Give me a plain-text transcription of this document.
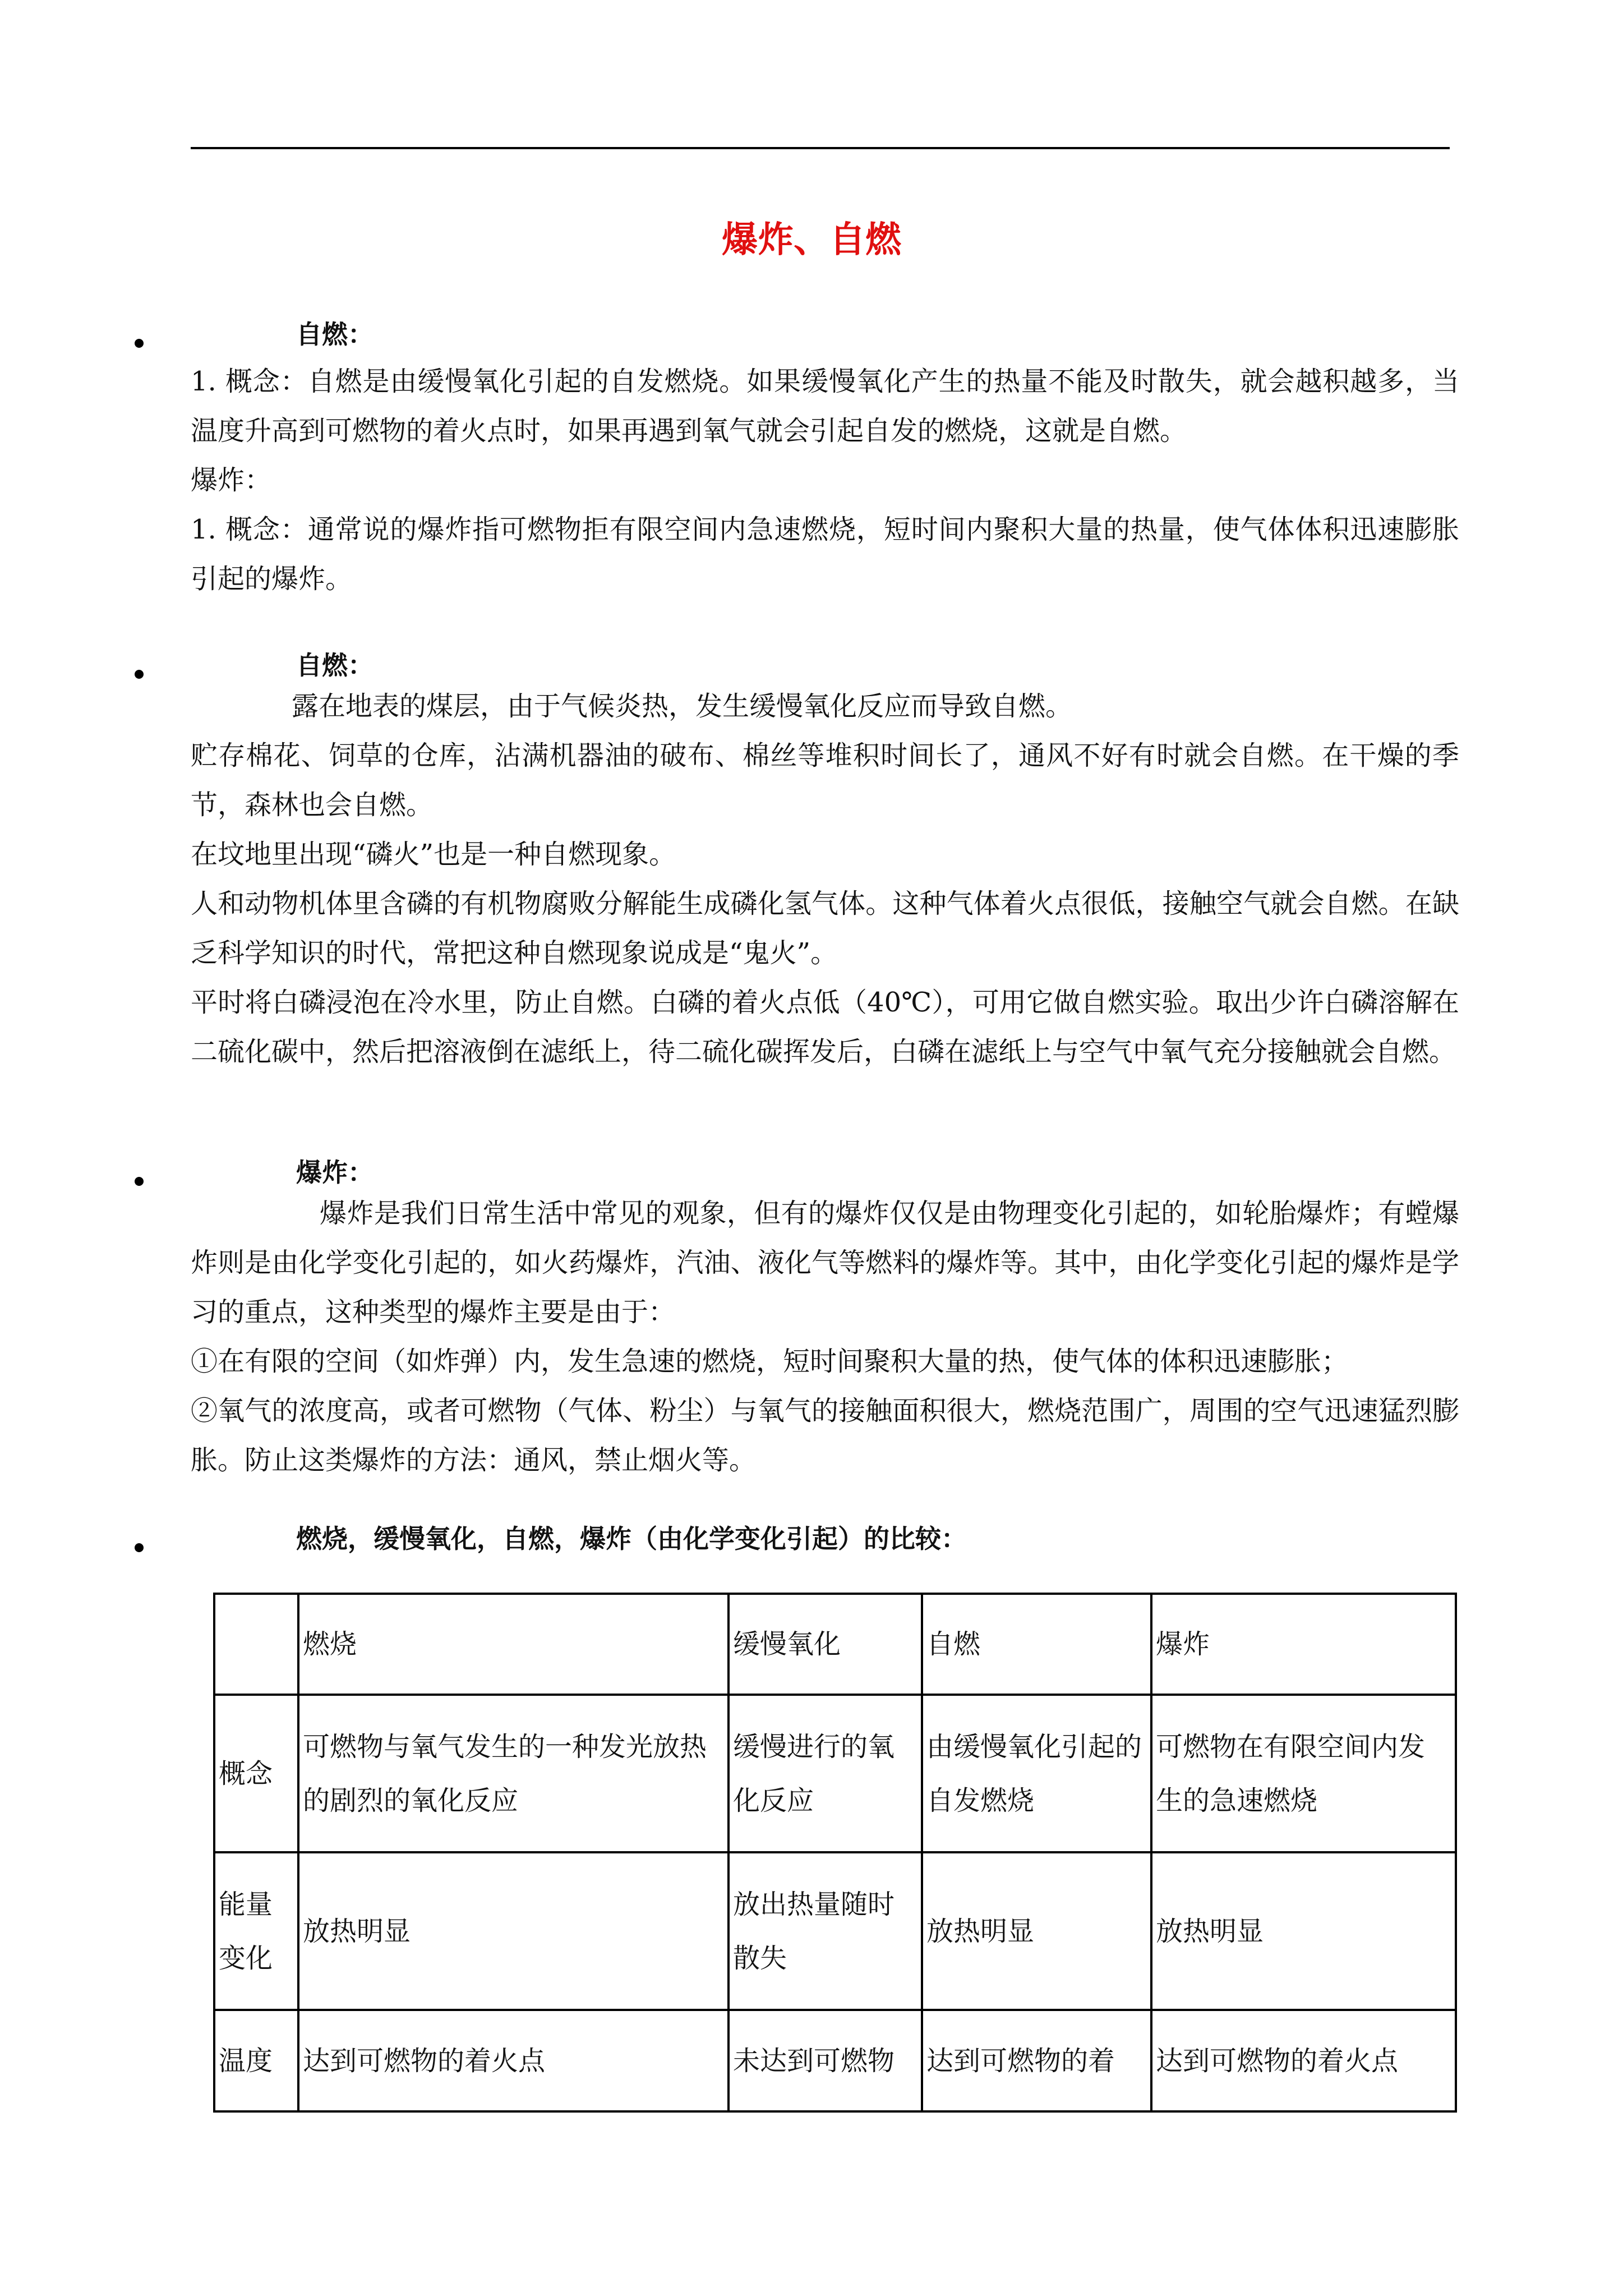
爆炸、自燃
自燃：

1. 概念：自燃是由缓慢氧化引起的自发燃烧。如果缓慢氧化产生的热量不能及时散失，就会越积越多，当温度升高到可燃物的着火点时，如果再遇到氧气就会引起自发的燃烧，这就是自燃。

爆炸：

1. 概念：通常说的爆炸指可燃物拒有限空间内急速燃烧，短时间内聚积大量的热量，使气体体积迅速膨胀引起的爆炸。

自燃：

露在地表的煤层，由于气候炎热，发生缓慢氧化反应而导致自燃。

贮存棉花、饲草的仓库，沾满机器油的破布、棉丝等堆积时间长了，通风不好有时就会自燃。在干燥的季节，森林也会自燃。

在坟地里出现“磷火”也是一种自燃现象。

人和动物机体里含磷的有机物腐败分解能生成磷化氢气体。这种气体着火点很低，接触空气就会自燃。在缺乏科学知识的时代，常把这种自燃现象说成是“鬼火”。

平时将白磷浸泡在冷水里，防止自燃。白磷的着火点低（40℃），可用它做自燃实验。取出少许白磷溶解在二硫化碳中，然后把溶液倒在滤纸上，待二硫化碳挥发后，白磷在滤纸上与空气中氧气充分接触就会自燃。

爆炸：

爆炸是我们日常生活中常见的观象，但有的爆炸仅仅是由物理变化引起的，如轮胎爆炸；有螳爆炸则是由化学变化引起的，如火药爆炸，汽油、液化气等燃料的爆炸等。其中，由化学变化引起的爆炸是学习的重点，这种类型的爆炸主要是由于：

①在有限的空间（如炸弹）内，发生急速的燃烧，短时间聚积大量的热，使气体的体积迅速膨胀；

②氧气的浓度高，或者可燃物（气体、粉尘）与氧气的接触面积很大，燃烧范围广，周围的空气迅速猛烈膨胀。防止这类爆炸的方法：通风，禁止烟火等。

燃烧，缓慢氧化，自燃，爆炸（由化学变化引起）的比较：
	燃烧	缓慢氧化	自燃	爆炸
概念	可燃物与氧气发生的一种发光放热的剧烈的氧化反应	缓慢进行的氧化反应	由缓慢氧化引起的自发燃烧	可燃物在有限空间内发生的急速燃烧
能量变化	放热明显	放出热量随时散失	放热明显	放热明显
温度	达到可燃物的着火点	未达到可燃物	达到可燃物的着	达到可燃物的着火点
